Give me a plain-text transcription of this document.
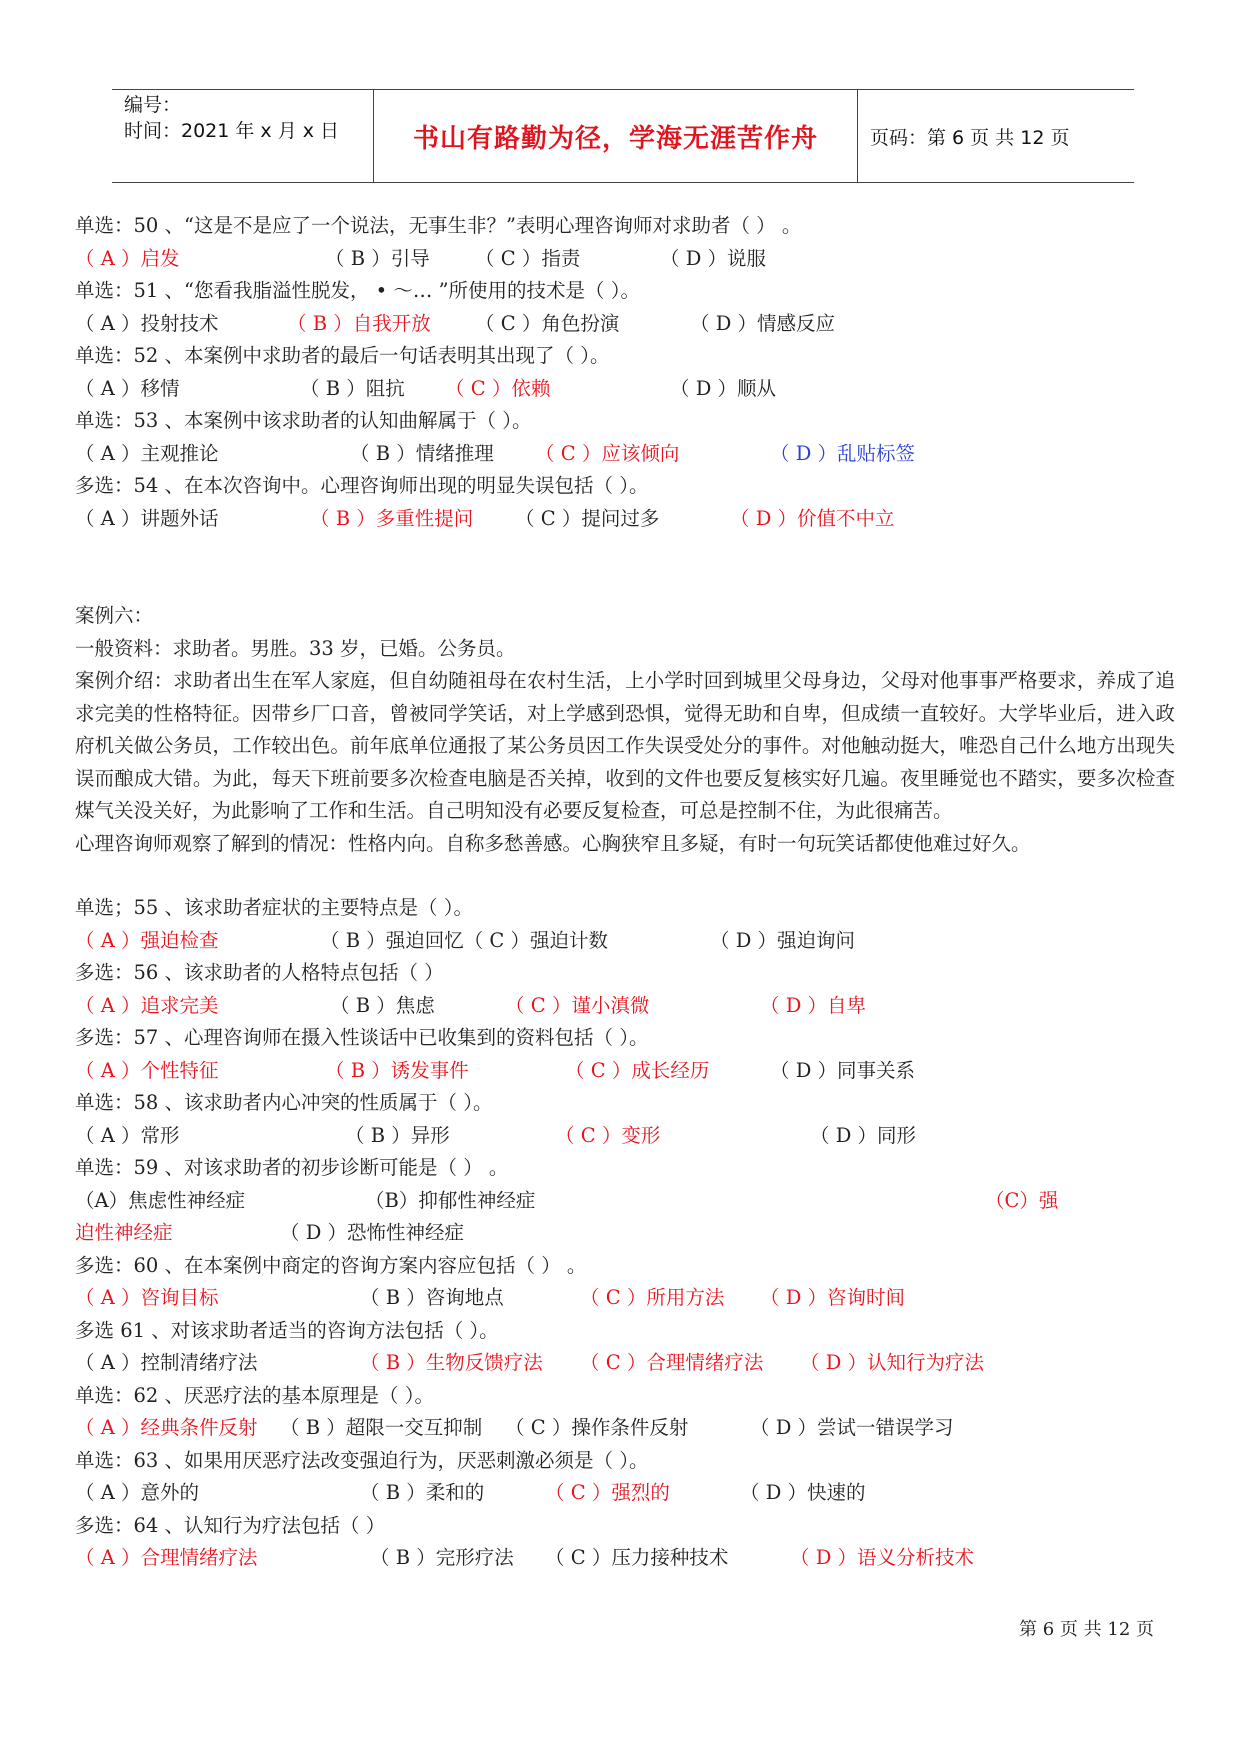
编号：
时间：2021 年 x 月 x 日	书山有路勤为径，学海无涯苦作舟	页码：第 6 页 共 12 页
单选：50 、“这是不是应了一个说法，无事生非？”表明心理咨询师对求助者（ ） 。
（ A ）启发	（ B ）引导 （ C ）指责	（ D ）说服
单选：51 、“您看我脂溢性脱发， • ～… ”所使用的技术是（ ）。
（ A ）投射技术	（ B ）自我开放 （ C ）角色扮演	（ D ）情感反应
单选：52 、本案例中求助者的最后一句话表明其出现了（ ）。
（ A ）移情	（ B ）阻抗 （ C ）依赖	（ D ）顺从
单选：53 、本案例中该求助者的认知曲解属于（ ）。
（ A ）主观推论	（ B ）情绪推理 （ C ）应该倾向	（ D ）乱贴标签
多选：54 、在本次咨询中。心理咨询师出现的明显失误包括（ ）。
（ A ）讲题外话	（ B ）多重性提问 （ C ）提问过多	（ D ）价值不中立
案例六：
一般资料：求助者。男胜。33 岁，已婚。公务员。
案例介绍：求助者出生在军人家庭，但自幼随祖母在农村生活，上小学时回到城里父母身边，父母对他事事严格要求，养成了追求完美的性格特征。因带乡厂口音，曾被同学笑话，对上学感到恐惧，觉得无助和自卑，但成绩一直较好。大学毕业后，进入政府机关做公务员，工作较出色。前年底单位通报了某公务员因工作失误受处分的事件。对他触动挺大，唯恐自己什么地方出现失误而酿成大错。为此，每天下班前要多次检查电脑是否关掉，收到的文件也要反复核实好几遍。夜里睡觉也不踏实，要多次检查煤气关没关好，为此影响了工作和生活。自己明知没有必要反复检查，可总是控制不住，为此很痛苦。
心理咨询师观察了解到的情况：性格内向。自称多愁善感。心胸狭窄且多疑，有时一句玩笑话都使他难过好久。
单选；55 、该求助者症状的主要特点是（ ）。
（ A ）强迫检查	（ B ）强迫回忆（ C ）强迫计数	（ D ）强迫询问
多选：56 、该求助者的人格特点包括（ ）
（ A ）追求完美	（ B ）焦虑	（ C ）谨小滇微	（ D ）自卑
多选：57 、心理咨询师在摄入性谈话中已收集到的资料包括（ ）。
（ A ）个性特征	（ B ）诱发事件	（ C ）成长经历	（ D ）同事关系
单选：58 、该求助者内心冲突的性质属于（ ）。
（ A ）常形	（ B ）异形	（ C ）变形	（ D ）同形
单选：59 、对该求助者的初步诊断可能是（ ） 。
（A）焦虑性神经症	（B）抑郁性神经症	（C）强
迫性神经症	（ D ）恐怖性神经症
多选：60 、在本案例中商定的咨询方案内容应包括（ ） 。
（ A ）咨询目标	（ B ）咨询地点	（ C ）所用方法 （ D ）咨询时间
多选 61 、对该求助者适当的咨询方法包括（ ）。
（ A ）控制清绪疗法	（ B ）生物反馈疗法 （ C ）合理情绪疗法 （ D ）认知行为疗法
单选：62 、厌恶疗法的基本原理是（ ）。
（ A ）经典条件反射 （ B ）超限一交互抑制 （ C ）操作条件反射	（ D ）尝试一错误学习
单选：63 、如果用厌恶疗法改变强迫行为，厌恶刺激必须是（ ）。
（ A ）意外的	（ B ）柔和的	（ C ）强烈的	（ D ）快速的
多选：64 、认知行为疗法包括（ ）
（ A ）合理情绪疗法	（ B ）完形疗法 （ C ）压力接种技术	（ D ）语义分析技术
第 6 页 共 12 页
